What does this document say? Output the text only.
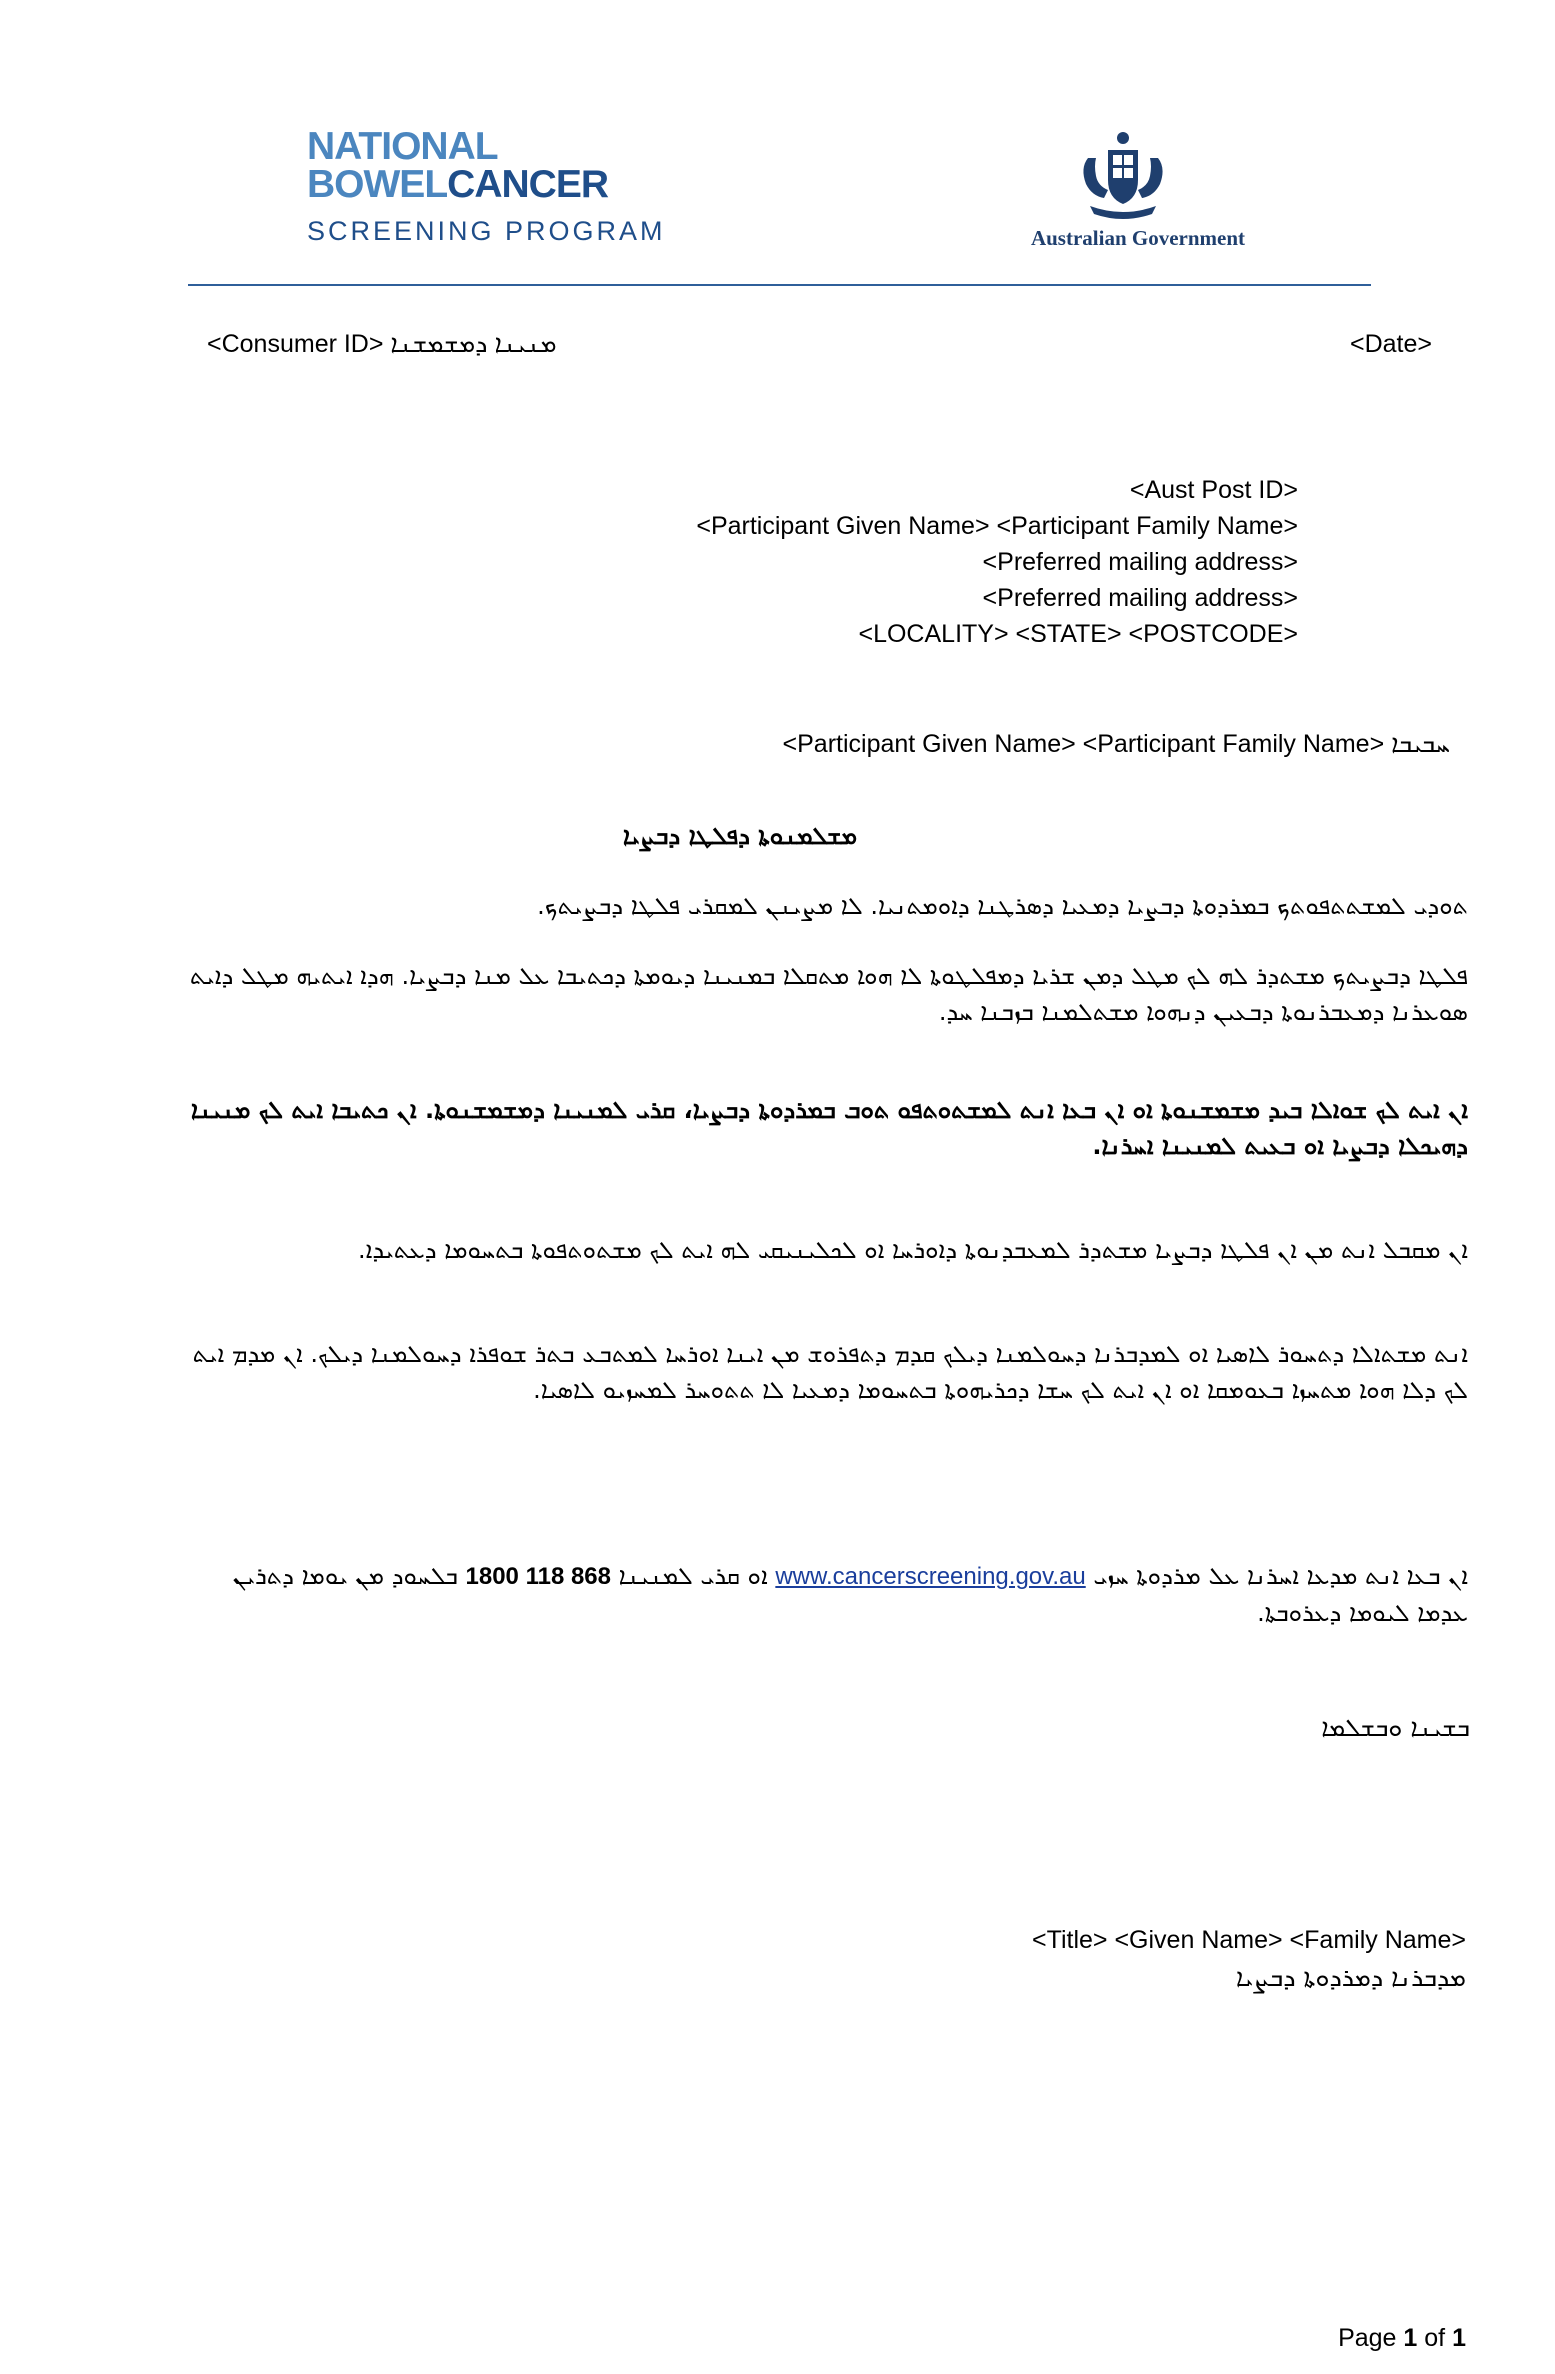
NATIONAL
BOWELCANCER
SCREENING PROGRAM	Australian Government
<Consumer ID> ܡܢܝܢܐ ܕܡܫܡܫܢܐ	<Date>
<Aust Post ID>
<Participant Given Name> <Participant Family Name>
<Preferred mailing address>
<Preferred mailing address>
<LOCALITY> <STATE> <POSTCODE>
<Participant Given Name> <Participant Family Name> ܚܒܝܒܐ
ܡܫܠܡܢܘܬܐ ܕܦܠܛܐ ܕܒܨܝܐ
ܬܘܕܝ ܠܡܫܬܬܦܘܬܟ ܒܡܪܕܘܬܐ ܕܒܨܝܐ ܕܡܥܝܐ ܕܣܪܛܢܐ ܕܐܘܡܬܢܝܐ. ܠܐ ܡܨܝܢܢ ܠܡܩܪܝ ܦܠܛܐ ܕܒܨܝܬܟ.
ܦܠܛܐ ܕܒܨܝܬܟ ܡܫܬܕܪ ܠܗ ܠܟ ܡܛܠ ܕܡܢ ܫܪܝܐ ܕܡܦܠܛܘܬܐ ܠܐ ܗܘܐ ܡܬܩܠܐ ܒܡܢܝܢܐ ܕܝܘܡܬܐ ܕܟܬܝܒܐ ܥܠ ܡܢܐ ܕܒܨܝܐ. ܗܕܐ ܐܝܬܝܗ ܡܛܠ ܕܐܝܬ ܣܘܥܪܢܐ ܕܡܥܒܪܢܘܬܐ ܕܒܥܝܢ ܕܢܗܘܐ ܡܫܬܠܡܢܐ ܒܙܒܢܐ ܚܕ.
ܐܢ ܐܝܬ ܠܟ ܫܘܐܠܐ ܒܝܕ ܡܫܡܫܢܘܬܐ ܐܘ ܐܢ ܒܥܐ ܐܢܬ ܠܡܫܬܘܬܦܘ ܬܘܒ ܒܡܪܕܘܬܐ ܕܒܨܝܐ، ܩܪܝ ܠܡܢܝܢܐ ܕܡܫܡܫܢܘܬܐ. ܐܢ ܟܬܝܒܐ ܐܝܬ ܠܟ ܡܢܝܢܐ ܕܗܝܟܠܐ ܕܒܨܝܐ ܐܘ ܒܥܝܬ ܠܡܢܝܢܐ ܐܚܪܢܐ.
ܐܢ ܡܩܒܠ ܐܢܬ ܡܢ ܐܢ ܦܠܛܐ ܕܒܨܝܐ ܡܫܬܕܪ ܠܡܥܒܕܢܘܬܐ ܕܐܘܪܚܐ ܐܘ ܠܟܠܝܢܝܩܝ ܠܗ ܐܝܬ ܠܟ ܡܫܬܘܬܦܘܬܐ ܒܬܚܘܡܐ ܕܥܬܝܕܐ.
ܐܢܬ ܡܫܬܐܠܐ ܕܬܚܘܪ ܠܐܣܝܐ ܐܘ ܠܡܕܒܪܢܐ ܕܚܘܠܡܢܐ ܕܝܠܟ ܩܕܡ ܕܬܦܪܘܫ ܡܢ ܐܝܢܐ ܐܘܪܚܐ ܠܡܬܒܥ ܒܬܪ ܫܘܦܪܐ ܕܚܘܠܡܢܐ ܕܝܠܟ. ܐܢ ܡܕܡ ܐܝܬ ܠܟ ܕܠܐ ܗܘܐ ܡܬܚܙܐ ܒܥܘܡܩܐ ܐܘ ܐܢ ܐܝܬ ܠܟ ܚܫܐ ܕܟܪܝܗܘܬܐ ܒܬܚܘܡܐ ܕܡܥܝܐ ܠܐ ܬܬܘܚܪ ܠܡܚܙܝܘ ܠܐܣܝܐ.
ܐܢ ܒܥܐ ܐܢܬ ܡܕܥܐ ܐܚܪܢܐ ܥܠ ܡܪܕܘܬܐ ܚܙܝ www.cancerscreening.gov.au ܐܘ ܩܪܝ ܠܡܢܝܢܐ 1800 118 868 ܒܠܚܘܕ ܡܢ ܝܘܡܐ ܕܬܪܝܢ ܥܕܡܐ ܠܝܘܡܐ ܕܥܪܘܒܬܐ.
ܒܫܝܢܐ ܘܒܫܠܡܐ
<Title> <Given Name> <Family Name>
ܡܕܒܪܢܐ ܕܡܪܕܘܬܐ ܕܒܨܝܐ
Page 1 of 1
